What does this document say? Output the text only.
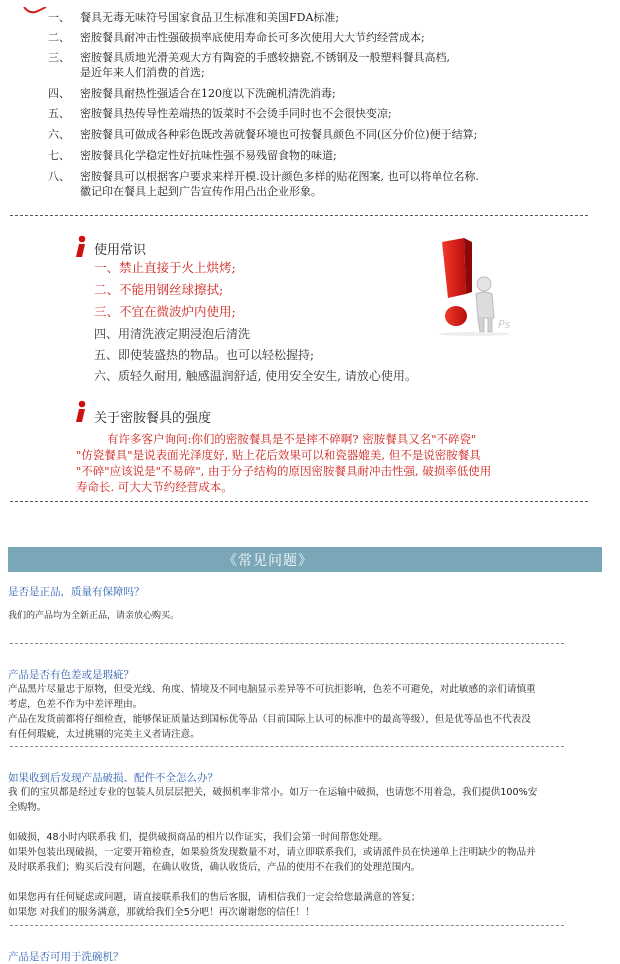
一、 餐具无毒无味符号国家食品卫生标准和美国FDA标准;
二、 密胺餐具耐冲击性强破损率底使用寿命长可多次使用大大节约经营成本;
三、 密胺餐具质地光滑美观大方有陶瓷的手感较搪瓷,不锈钢及一般塑料餐具高档,
是近年来人们消费的首选;
四、 密胺餐具耐热性强适合在120度以下洗碗机清洗消毒;
五、 密胺餐具热传导性差端热的饭菜时不会烫手同时也不会很快变凉;
六、 密胺餐具可做成各种彩色既改善就餐环境也可按餐具颜色不同(区分价位)便于结算;
七、 密胺餐具化学稳定性好抗味性强不易残留食物的味道;
八、 密胺餐具可以根据客户要求来样开模.设计颜色多样的贴花图案, 也可以将单位名称.
徽记印在餐具上起到广告宣传作用凸出企业形象。
使用常识
一、禁止直接于火上烘烤;
二、不能用钢丝球擦拭;
三、不宜在微波炉内使用;
四、用清洗液定期浸泡后清洗
五、即使装盛热的物品。也可以轻松握持;
六、质轻久耐用, 触感温润舒适, 使用安全安生, 请放心使用。
Ps
关于密胺餐具的强度
有许多客户询问:你们的密胺餐具是不是摔不碎啊? 密胺餐具又名"不碎瓷"
"仿瓷餐具"是说表面光泽度好, 贴上花后效果可以和瓷器媲美, 但不是说密胺餐具
"不碎"应该说是"不易碎", 由于分子结构的原因密胺餐具耐冲击性强, 破损率低使用
寿命长. 可大大节约经营成本。
《常见问题》
是否是正品，质量有保障吗？
我们的产品均为全新正品，请亲放心购买。
产品是否有色差或是瑕疵？
产品黑片尽量忠于原物，但受光线、角度、情境及不同电脑显示差异等不可抗拒影响，色差不可避免，对此敏感的亲们请慎重
考虑，色差不作为中差评理由。
产品在发货前都将仔细检查，能够保证质量达到国标优等品（目前国际上认可的标准中的最高等级），但是优等品也不代表没
有任何瑕疵，太过挑剔的完美主义者请注意。
如果收到后发现产品破损、配件不全怎么办？
我 们的宝贝都是经过专业的包装人员层层把关，破损机率非常小。如万一在运输中破损，也请您不用着急，我们提供100%安
全购物。
如破损，48小时内联系我 们，提供破损商品的相片以作证实，我们会第一时间帮您处理。
如果外包装出现破损，一定要开箱检查，如果验货发现数量不对，请立即联系我们，或请派件员在快递单上注明缺少的物品并
及时联系我们；购买后没有问题，在确认收货，确认收货后，产品的使用不在我们的处理范围内。
如果您再有任何疑虑或问题，请直接联系我们的售后客服，请相信我们一定会给您最满意的答复；
如果您 对我们的服务满意，那就给我们全5分吧！再次谢谢您的信任！！
产品是否可用于洗碗机？
